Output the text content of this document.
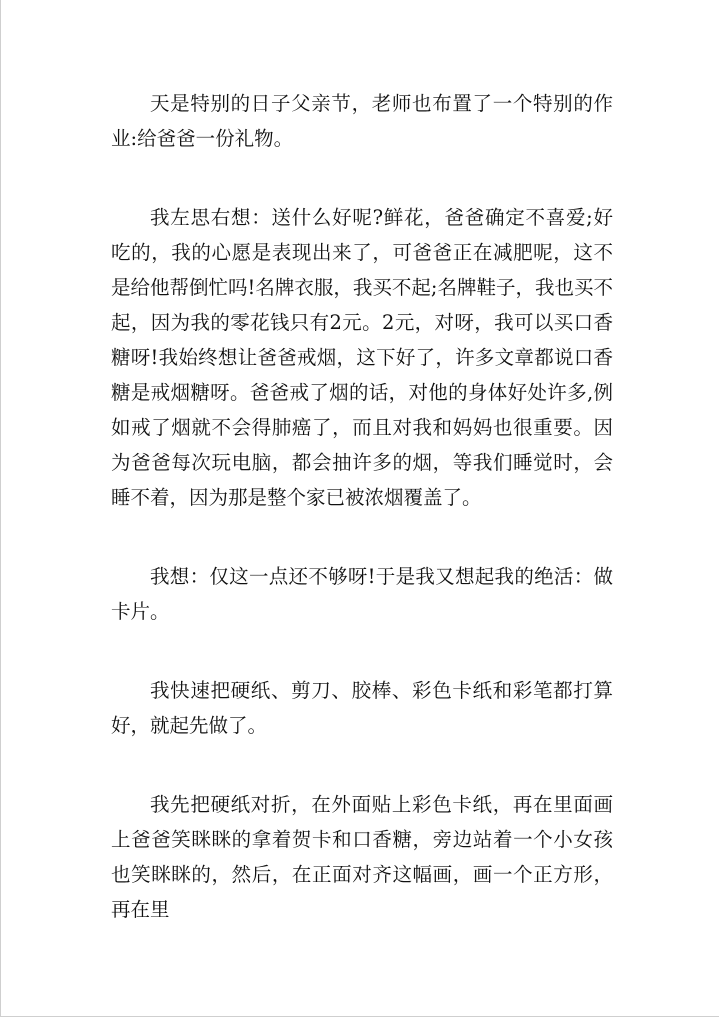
天是特别的日子父亲节，老师也布置了一个特别的作业:给爸爸一份礼物。

我左思右想：送什么好呢?鲜花，爸爸确定不喜爱;好吃的，我的心愿是表现出来了，可爸爸正在减肥呢，这不是给他帮倒忙吗!名牌衣服，我买不起;名牌鞋子，我也买不起，因为我的零花钱只有2元。2元，对呀，我可以买口香糖呀!我始终想让爸爸戒烟，这下好了，许多文章都说口香糖是戒烟糖呀。爸爸戒了烟的话，对他的身体好处许多,例如戒了烟就不会得肺癌了，而且对我和妈妈也很重要。因为爸爸每次玩电脑，都会抽许多的烟，等我们睡觉时，会睡不着，因为那是整个家已被浓烟覆盖了。

我想：仅这一点还不够呀!于是我又想起我的绝活：做卡片。

我快速把硬纸、剪刀、胶棒、彩色卡纸和彩笔都打算好，就起先做了。

我先把硬纸对折，在外面贴上彩色卡纸，再在里面画上爸爸笑眯眯的拿着贺卡和口香糖，旁边站着一个小女孩也笑眯眯的，然后，在正面对齐这幅画，画一个正方形，再在里
